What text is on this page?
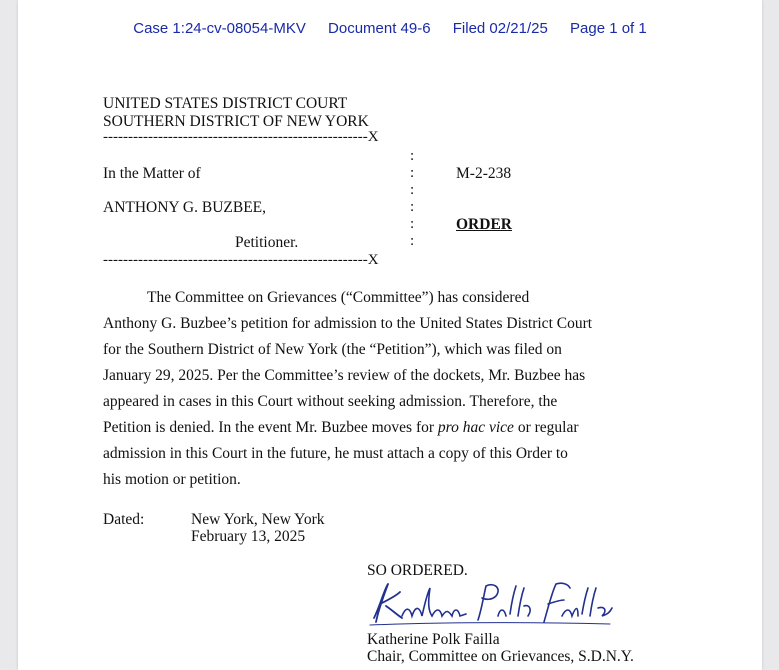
Case 1:24-cv-08054-MKV Document 49-6 Filed 02/21/25 Page 1 of 1
UNITED STATES DISTRICT COURT
SOUTHERN DISTRICT OF NEW YORK
-----------------------------------------------------X
:
:
:
:
:
:
In the Matter of
ANTHONY G. BUZBEE,
Petitioner.
M-2-238
ORDER
-----------------------------------------------------X

The Committee on Grievances (“Committee”) has considered

Anthony G. Buzbee’s petition for admission to the United States District Court

for the Southern District of New York (the “Petition”), which was filed on

January 29, 2025. Per the Committee’s review of the dockets, Mr. Buzbee has

appeared in cases in this Court without seeking admission. Therefore, the

Petition is denied. In the event Mr. Buzbee moves for pro hac vice or regular

admission in this Court in the future, he must attach a copy of this Order to

his motion or petition.

Dated:	New York, New York
February 13, 2025
SO ORDERED.
Katherine Polk Failla
Chair, Committee on Grievances, S.D.N.Y.
